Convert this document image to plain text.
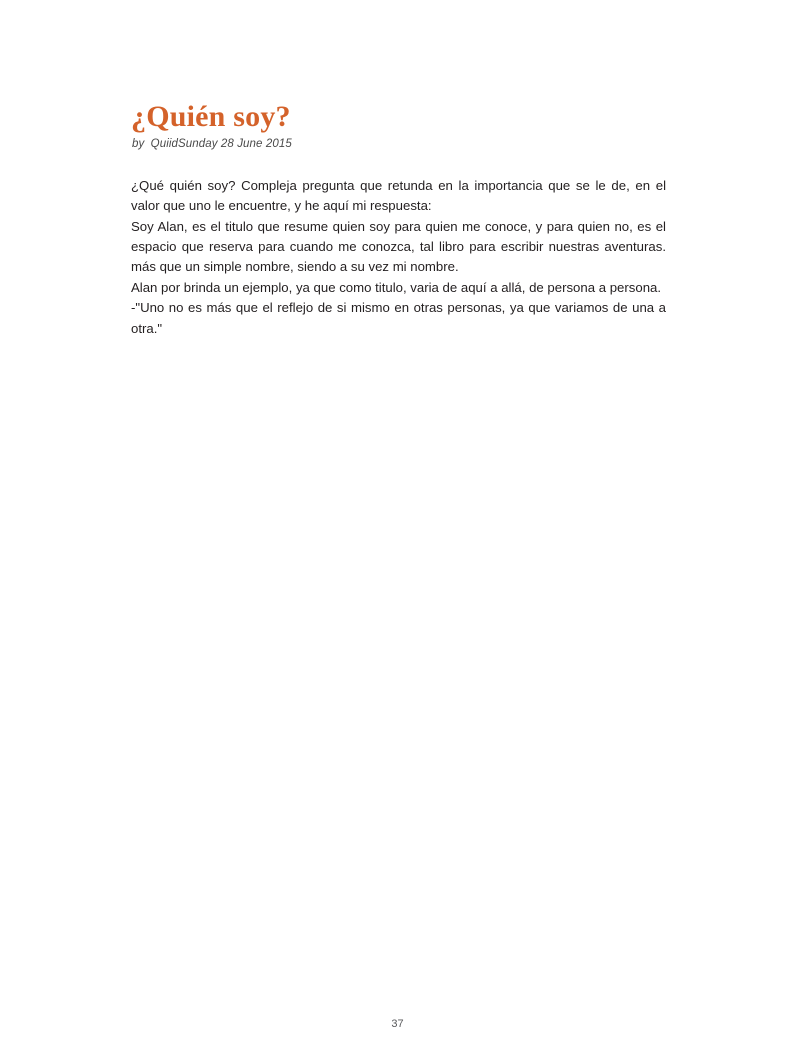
¿Quién soy?
by QuiidSunday 28 June 2015

¿Qué quién soy? Compleja pregunta que retunda en la importancia que se le de, en el valor que uno le encuentre, y he aquí mi respuesta:

Soy Alan, es el titulo que resume quien soy para quien me conoce, y para quien no, es el espacio que reserva para cuando me conozca, tal libro para escribir nuestras aventuras. más que un simple nombre, siendo a su vez mi nombre.

Alan por brinda un ejemplo, ya que como titulo, varia de aquí a allá, de persona a persona.

-"Uno no es más que el reflejo de si mismo en otras personas, ya que variamos de una a otra."

37
